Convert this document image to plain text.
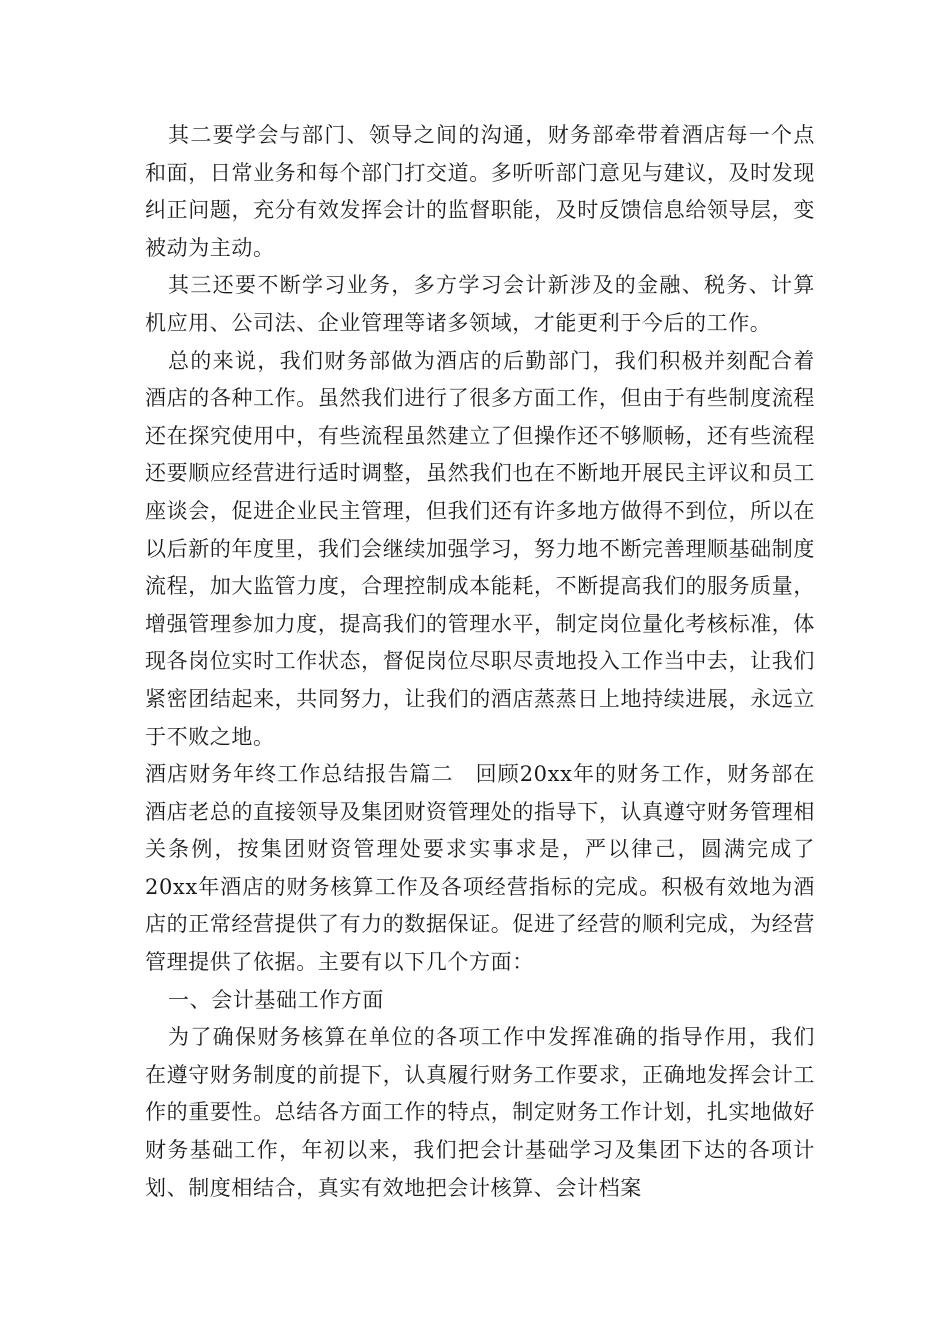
其二要学会与部门、领导之间的沟通，财务部牵带着酒店每一个点和面，日常业务和每个部门打交道。多听听部门意见与建议，及时发现纠正问题，充分有效发挥会计的监督职能，及时反馈信息给领导层，变被动为主动。

其三还要不断学习业务，多方学习会计新涉及的金融、税务、计算机应用、公司法、企业管理等诸多领域，才能更利于今后的工作。

总的来说，我们财务部做为酒店的后勤部门，我们积极并刻配合着酒店的各种工作。虽然我们进行了很多方面工作，但由于有些制度流程还在探究使用中，有些流程虽然建立了但操作还不够顺畅，还有些流程还要顺应经营进行适时调整，虽然我们也在不断地开展民主评议和员工座谈会，促进企业民主管理，但我们还有许多地方做得不到位，所以在以后新的年度里，我们会继续加强学习，努力地不断完善理顺基础制度流程，加大监管力度，合理控制成本能耗，不断提高我们的服务质量，增强管理参加力度，提高我们的管理水平，制定岗位量化考核标准，体现各岗位实时工作状态，督促岗位尽职尽责地投入工作当中去，让我们紧密团结起来，共同努力，让我们的酒店蒸蒸日上地持续进展，永远立于不败之地。

酒店财务年终工作总结报告篇二　回顾20xx年的财务工作，财务部在酒店老总的直接领导及集团财资管理处的指导下，认真遵守财务管理相关条例，按集团财资管理处要求实事求是，严以律己，圆满完成了20xx年酒店的财务核算工作及各项经营指标的完成。积极有效地为酒店的正常经营提供了有力的数据保证。促进了经营的顺利完成，为经营管理提供了依据。主要有以下几个方面：

一、会计基础工作方面

为了确保财务核算在单位的各项工作中发挥准确的指导作用，我们在遵守财务制度的前提下，认真履行财务工作要求，正确地发挥会计工作的重要性。总结各方面工作的特点，制定财务工作计划，扎实地做好财务基础工作，年初以来，我们把会计基础学习及集团下达的各项计划、制度相结合，真实有效地把会计核算、会计档案
